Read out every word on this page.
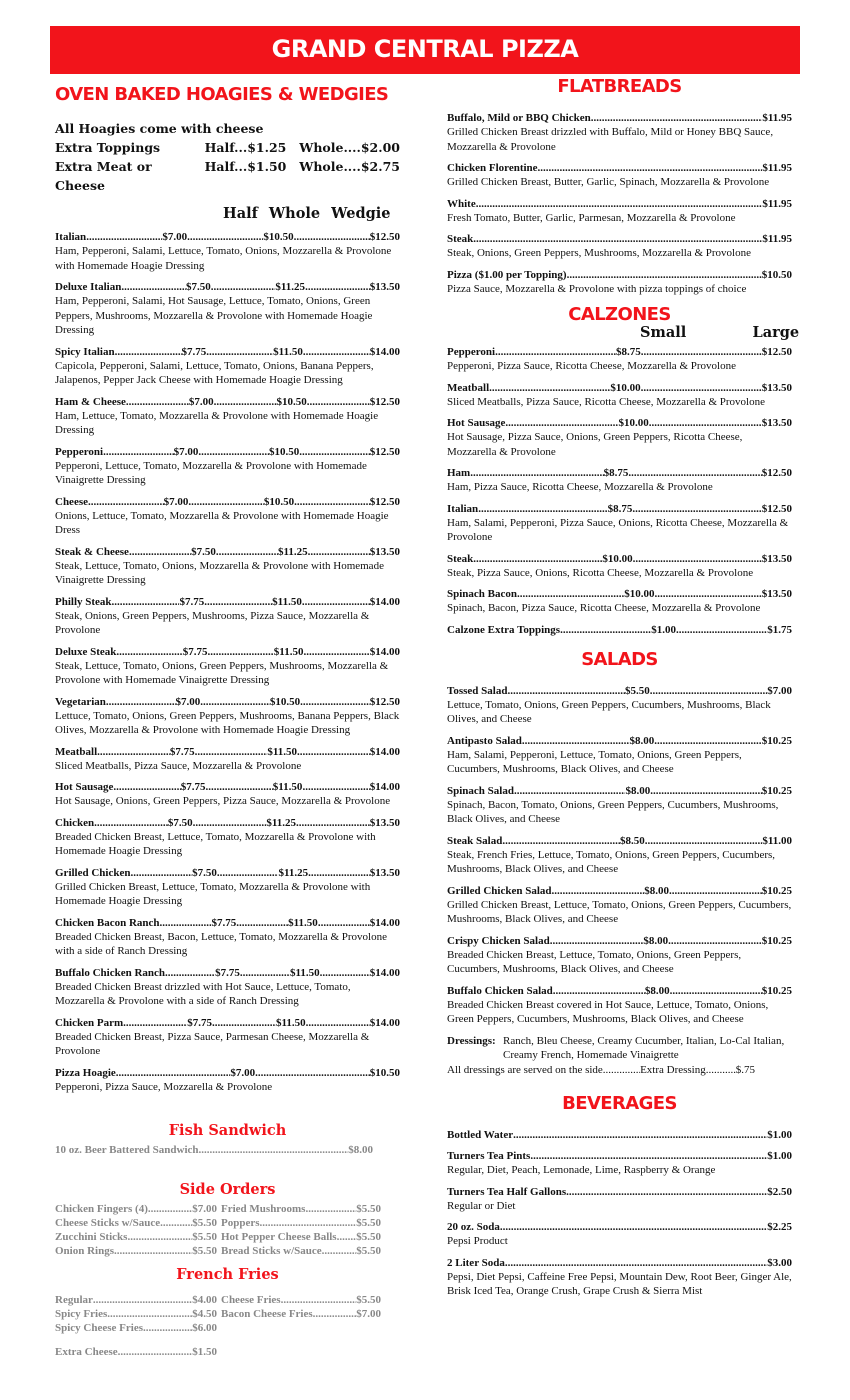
GRAND CENTRAL PIZZA
OVEN BAKED HOAGIES & WEDGIES
All Hoagies come with cheese
Extra Toppings	Half...$1.25	Whole....$2.00
Extra Meat or Cheese
Half...$1.50	Whole....$2.75
Half Whole Wedgie
Italian .....	$7.00 .....	$10.50 .....	$12.50
Ham, Pepperoni, Salami, Lettuce, Tomato, Onions, Mozzarella & Provolone with Homemade Hoagie Dressing
Deluxe Italian .....	$7.50 .....	$11.25 .....	$13.50
Ham, Pepperoni, Salami, Hot Sausage, Lettuce, Tomato, Onions, Green Peppers, Mushrooms, Mozzarella & Provolone with Homemade Hoagie Dressing
Spicy Italian .....	$7.75 .....	$11.50 .....	$14.00
Capicola, Pepperoni, Salami, Lettuce, Tomato, Onions, Banana Peppers, Jalapenos, Pepper Jack Cheese with Homemade Hoagie Dressing
Ham & Cheese .....	$7.00 .....	$10.50 .....	$12.50
Ham, Lettuce, Tomato, Mozzarella & Provolone with Homemade Hoagie Dressing
Pepperoni .....	$7.00 .....	$10.50 .....	$12.50
Pepperoni, Lettuce, Tomato, Mozzarella & Provolone with Homemade Vinaigrette Dressing
Cheese .....	$7.00 .....	$10.50 .....	$12.50
Onions, Lettuce, Tomato, Mozzarella & Provolone with Homemade Hoagie Dress
Steak & Cheese .....	$7.50 .....	$11.25 .....	$13.50
Steak, Lettuce, Tomato, Onions, Mozzarella & Provolone with Homemade Vinaigrette Dressing
Philly Steak .....	$7.75 .....	$11.50 .....	$14.00
Steak, Onions, Green Peppers, Mushrooms, Pizza Sauce, Mozzarella & Provolone
Deluxe Steak .....	$7.75 .....	$11.50 .....	$14.00
Steak, Lettuce, Tomato, Onions, Green Peppers, Mushrooms, Mozzarella & Provolone with Homemade Vinaigrette Dressing
Vegetarian .....	$7.00 .....	$10.50 .....	$12.50
Lettuce, Tomato, Onions, Green Peppers, Mushrooms, Banana Peppers, Black Olives, Mozzarella & Provolone with Homemade Hoagie Dressing
Meatball .....	$7.75 .....	$11.50 .....	$14.00
Sliced Meatballs, Pizza Sauce, Mozzarella & Provolone
Hot Sausage .....	$7.75 .....	$11.50 .....	$14.00
Hot Sausage, Onions, Green Peppers, Pizza Sauce, Mozzarella & Provolone
Chicken .....	$7.50 .....	$11.25 .....	$13.50
Breaded Chicken Breast, Lettuce, Tomato, Mozzarella & Provolone with Homemade Hoagie Dressing
Grilled Chicken .....	$7.50 .....	$11.25 .....	$13.50
Grilled Chicken Breast, Lettuce, Tomato, Mozzarella & Provolone with Homemade Hoagie Dressing
Chicken Bacon Ranch .....	$7.75 .....	$11.50 .....	$14.00
Breaded Chicken Breast, Bacon, Lettuce, Tomato, Mozzarella & Provolone with a side of Ranch Dressing
Buffalo Chicken Ranch .....	$7.75 .....	$11.50 .....	$14.00
Breaded Chicken Breast drizzled with Hot Sauce, Lettuce, Tomato, Mozzarella & Provolone with a side of Ranch Dressing
Chicken Parm .....	$7.75 .....	$11.50 .....	$14.00
Breaded Chicken Breast, Pizza Sauce, Parmesan Cheese, Mozzarella & Provolone
Pizza Hoagie .....	$7.00 .....	$10.50
Pepperoni, Pizza Sauce, Mozzarella & Provolone
Fish Sandwich
10 oz. Beer Battered Sandwich .....	$8.00
Side Orders
Chicken Fingers (4) .....	$7.00 Fried Mushrooms .....	$5.50
Cheese Sticks w/Sauce .....	$5.50 Poppers .....	$5.50
Zucchini Sticks .....	$5.50 Hot Pepper Cheese Balls ..... $5.50
Onion Rings .....	$5.50 Bread Sticks w/Sauce .....	$5.50
French Fries
Regular .....	$4.00 Cheese Fries .....	$5.50
Spicy Fries .....	$4.50 Bacon Cheese Fries .....	$7.00
Spicy Cheese Fries .....	$6.00
Extra Cheese .....	$1.50
FLATBREADS
Buffalo, Mild or BBQ Chicken .....	$11.95
Grilled Chicken Breast drizzled with Buffalo, Mild or Honey BBQ Sauce, Mozzarella & Provolone
Chicken Florentine .....	$11.95
Grilled Chicken Breast, Butter, Garlic, Spinach, Mozzarella & Provolone
White .....	$11.95
Fresh Tomato, Butter, Garlic, Parmesan, Mozzarella & Provolone
Steak .....	$11.95
Steak, Onions, Green Peppers, Mushrooms, Mozzarella & Provolone
Pizza ($1.00 per Topping) .....	$10.50
Pizza Sauce, Mozzarella & Provolone with pizza toppings of choice
CALZONES
Small      Large
Pepperoni .....	$8.75 .....	$12.50
Pepperoni, Pizza Sauce, Ricotta Cheese, Mozzarella & Provolone
Meatball .....	$10.00 .....	$13.50
Sliced Meatballs, Pizza Sauce, Ricotta Cheese, Mozzarella & Provolone
Hot Sausage .....	$10.00 .....	$13.50
Hot Sausage, Pizza Sauce, Onions, Green Peppers, Ricotta Cheese, Mozzarella & Provolone
Ham .....	$8.75 .....	$12.50
Ham, Pizza Sauce, Ricotta Cheese, Mozzarella & Provolone
Italian .....	$8.75 .....	$12.50
Ham, Salami, Pepperoni, Pizza Sauce, Onions, Ricotta Cheese, Mozzarella & Provolone
Steak .....	$10.00 .....	$13.50
Steak, Pizza Sauce, Onions, Ricotta Cheese, Mozzarella & Provolone
Spinach Bacon .....	$10.00 .....	$13.50
Spinach, Bacon, Pizza Sauce, Ricotta Cheese, Mozzarella & Provolone
Calzone Extra Toppings .....	$1.00 .....	$1.75
SALADS
Tossed Salad .....	$5.50 .....	$7.00
Lettuce, Tomato, Onions, Green Peppers, Cucumbers, Mushrooms, Black Olives, and Cheese
Antipasto Salad .....	$8.00 .....	$10.25
Ham, Salami, Pepperoni, Lettuce, Tomato, Onions, Green Peppers, Cucumbers, Mushrooms, Black Olives, and Cheese
Spinach Salad .....	$8.00 .....	$10.25
Spinach, Bacon, Tomato, Onions, Green Peppers, Cucumbers, Mushrooms, Black Olives, and Cheese
Steak Salad .....	$8.50 .....	$11.00
Steak, French Fries, Lettuce, Tomato, Onions, Green Peppers, Cucumbers, Mushrooms, Black Olives, and Cheese
Grilled Chicken Salad .....	$8.00 .....	$10.25
Grilled Chicken Breast, Lettuce, Tomato, Onions, Green Peppers, Cucumbers, Mushrooms, Black Olives, and Cheese
Crispy Chicken Salad .....	$8.00 .....	$10.25
Breaded Chicken Breast, Lettuce, Tomato, Onions, Green Peppers, Cucumbers, Mushrooms, Black Olives, and Cheese
Buffalo Chicken Salad .....	$8.00 .....	$10.25
Breaded Chicken Breast covered in Hot Sauce, Lettuce, Tomato, Onions, Green Peppers, Cucumbers, Mushrooms, Black Olives, and Cheese
Dressings: Ranch, Bleu Cheese, Creamy Cucumber, Italian, Lo-Cal Italian, Creamy French, Homemade Vinaigrette
All dressings are served on the side .....	Extra Dressing .....	$.75
BEVERAGES
Bottled Water .....	$1.00
Turners Tea Pints .....	$1.00
Regular, Diet, Peach, Lemonade, Lime, Raspberry & Orange
Turners Tea Half Gallons .....	$2.50
Regular or Diet
20 oz. Soda .....	$2.25
Pepsi Product
2 Liter Soda .....	$3.00
Pepsi, Diet Pepsi, Caffeine Free Pepsi, Mountain Dew, Root Beer, Ginger Ale, Brisk Iced Tea, Orange Crush, Grape Crush & Sierra Mist
